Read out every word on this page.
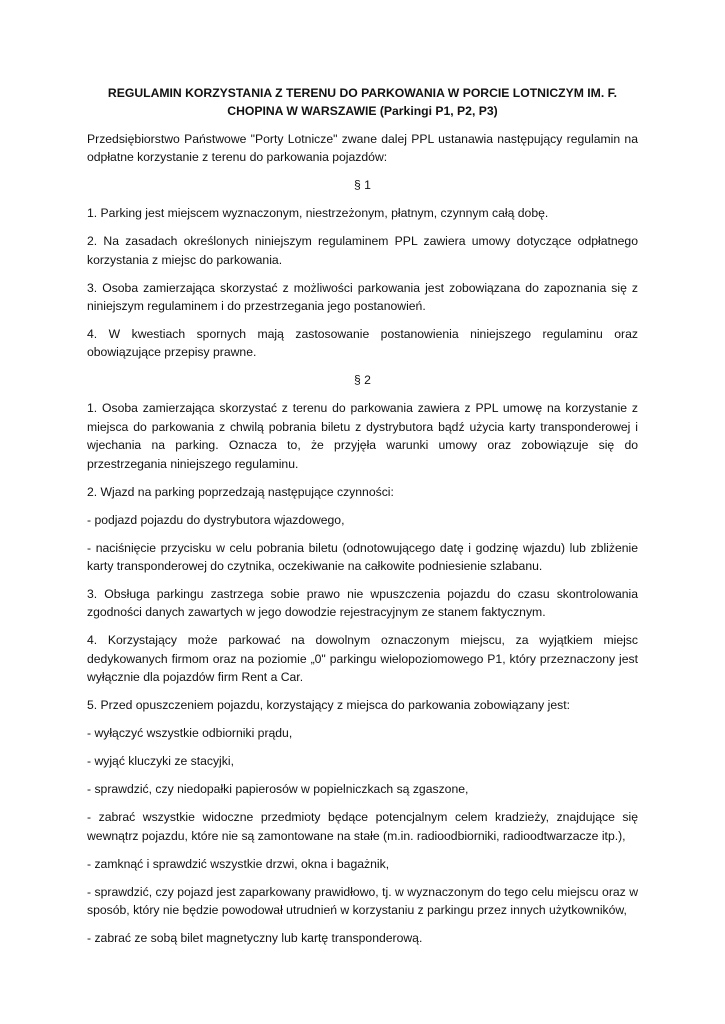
REGULAMIN KORZYSTANIA Z TERENU DO PARKOWANIA W PORCIE LOTNICZYM IM. F. CHOPINA W WARSZAWIE (Parkingi P1, P2, P3)

Przedsiębiorstwo Państwowe "Porty Lotnicze" zwane dalej PPL ustanawia następujący regulamin na odpłatne korzystanie z terenu do parkowania pojazdów:

§ 1

1. Parking jest miejscem wyznaczonym, niestrzeżonym, płatnym, czynnym całą dobę.

2. Na zasadach określonych niniejszym regulaminem PPL zawiera umowy dotyczące odpłatnego korzystania z miejsc do parkowania.

3. Osoba zamierzająca skorzystać z możliwości parkowania jest zobowiązana do zapoznania się z niniejszym regulaminem i do przestrzegania jego postanowień.

4. W kwestiach spornych mają zastosowanie postanowienia niniejszego regulaminu oraz obowiązujące przepisy prawne.

§ 2

1. Osoba zamierzająca skorzystać z terenu do parkowania zawiera z PPL umowę na korzystanie z miejsca do parkowania z chwilą pobrania biletu z dystrybutora bądź użycia karty transponderowej i wjechania na parking. Oznacza to, że przyjęła warunki umowy oraz zobowiązuje się do przestrzegania niniejszego regulaminu.

2. Wjazd na parking poprzedzają następujące czynności:

- podjazd pojazdu do dystrybutora wjazdowego,

- naciśnięcie przycisku w celu pobrania biletu (odnotowującego datę i godzinę wjazdu) lub zbliżenie karty transponderowej do czytnika, oczekiwanie na całkowite podniesienie szlabanu.

3. Obsługa parkingu zastrzega sobie prawo nie wpuszczenia pojazdu do czasu skontrolowania zgodności danych zawartych w jego dowodzie rejestracyjnym ze stanem faktycznym.

4. Korzystający może parkować na dowolnym oznaczonym miejscu, za wyjątkiem miejsc dedykowanych firmom oraz na poziomie „0" parkingu wielopoziomowego P1, który przeznaczony jest wyłącznie dla pojazdów firm Rent a Car.

5. Przed opuszczeniem pojazdu, korzystający z miejsca do parkowania zobowiązany jest:

- wyłączyć wszystkie odbiorniki prądu,

- wyjąć kluczyki ze stacyjki,

- sprawdzić, czy niedopałki papierosów w popielniczkach są zgaszone,

- zabrać wszystkie widoczne przedmioty będące potencjalnym celem kradzieży, znajdujące się wewnątrz pojazdu, które nie są zamontowane na stałe (m.in. radioodbiorniki, radioodtwarzacze itp.),

- zamknąć i sprawdzić wszystkie drzwi, okna i bagażnik,

- sprawdzić, czy pojazd jest zaparkowany prawidłowo, tj. w wyznaczonym do tego celu miejscu oraz w sposób, który nie będzie powodował utrudnień w korzystaniu z parkingu przez innych użytkowników,

- zabrać ze sobą bilet magnetyczny lub kartę transponderową.
